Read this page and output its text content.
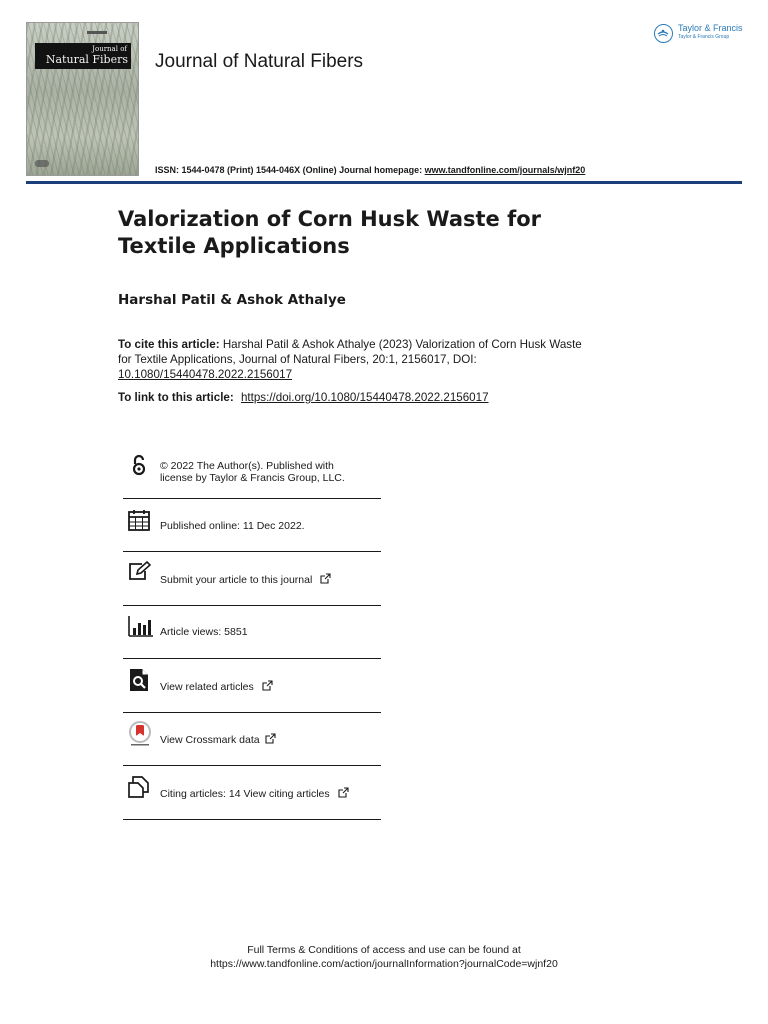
Journal of
Natural Fibers Journal of Natural Fibers
Taylor & Francis
Taylor & Francis Group
ISSN: 1544-0478 (Print) 1544-046X (Online) Journal homepage: www.tandfonline.com/journals/wjnf20
Valorization of Corn Husk Waste for Textile Applications
Harshal Patil & Ashok Athalye
To cite this article: Harshal Patil & Ashok Athalye (2023) Valorization of Corn Husk Waste for Textile Applications, Journal of Natural Fibers, 20:1, 2156017, DOI: 10.1080/15440478.2022.2156017
To link to this article: https://doi.org/10.1080/15440478.2022.2156017
© 2022 The Author(s). Published with
license by Taylor & Francis Group, LLC.
Published online: 11 Dec 2022.
Submit your article to this journal
Article views: 5851
View related articles
View Crossmark data
Citing articles: 14 View citing articles
Full Terms & Conditions of access and use can be found at
https://www.tandfonline.com/action/journalInformation?journalCode=wjnf20
